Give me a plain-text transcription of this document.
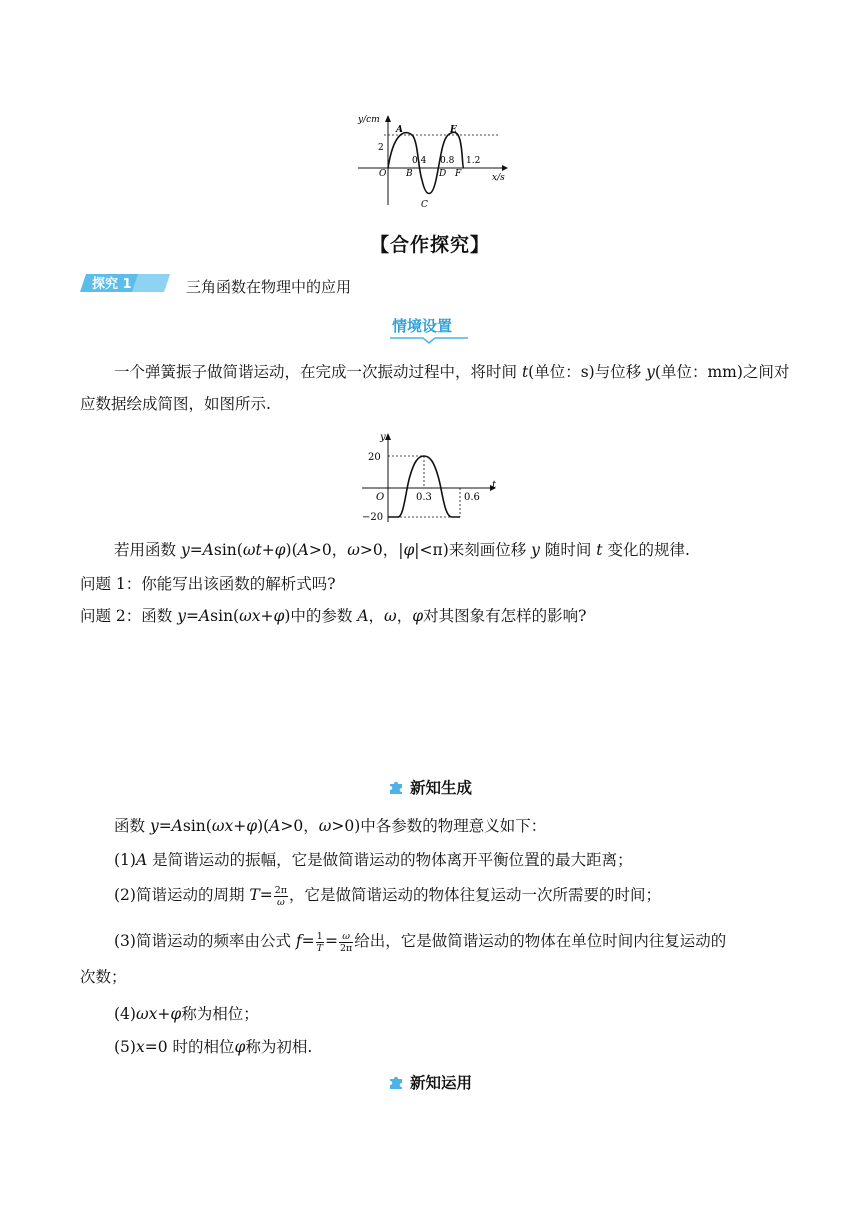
y/cm
x/s
2
O
0.4 0.8 1.2
A
B
C
D
E
F
【合作探究】
探究 1	三角函数在物理中的应用
情境设置
一个弹簧振子做简谐运动，在完成一次振动过程中，将时间 t(单位：s)与位移 y(单位：mm)之间对应数据绘成简图，如图所示.
y
t
20
−20
O	0.3	0.6
若用函数 y=Asin(ωt+φ)(A>0，ω>0，|φ|<π)来刻画位移 y 随时间 t 变化的规律.
问题 1：你能写出该函数的解析式吗?
问题 2：函数 y=Asin(ωx+φ)中的参数 A，ω，φ对其图象有怎样的影响?
新知生成
函数 y=Asin(ωx+φ)(A>0，ω>0)中各参数的物理意义如下：
(1)A 是简谐运动的振幅，它是做简谐运动的物体离开平衡位置的最大距离；
(2)简谐运动的周期 $T= \frac{2\pi}{\omega}$ ，它是做简谐运动的物体往复运动一次所需要的时间；
(3)简谐运动的频率由公式 $f= \frac{1}{T} = \frac{\omega}{2\pi}$ 给出，它是做简谐运动的物体在单位时间内往复运动的
次数；
(4)ωx+φ称为相位；
(5)x=0 时的相位φ称为初相.
新知运用
